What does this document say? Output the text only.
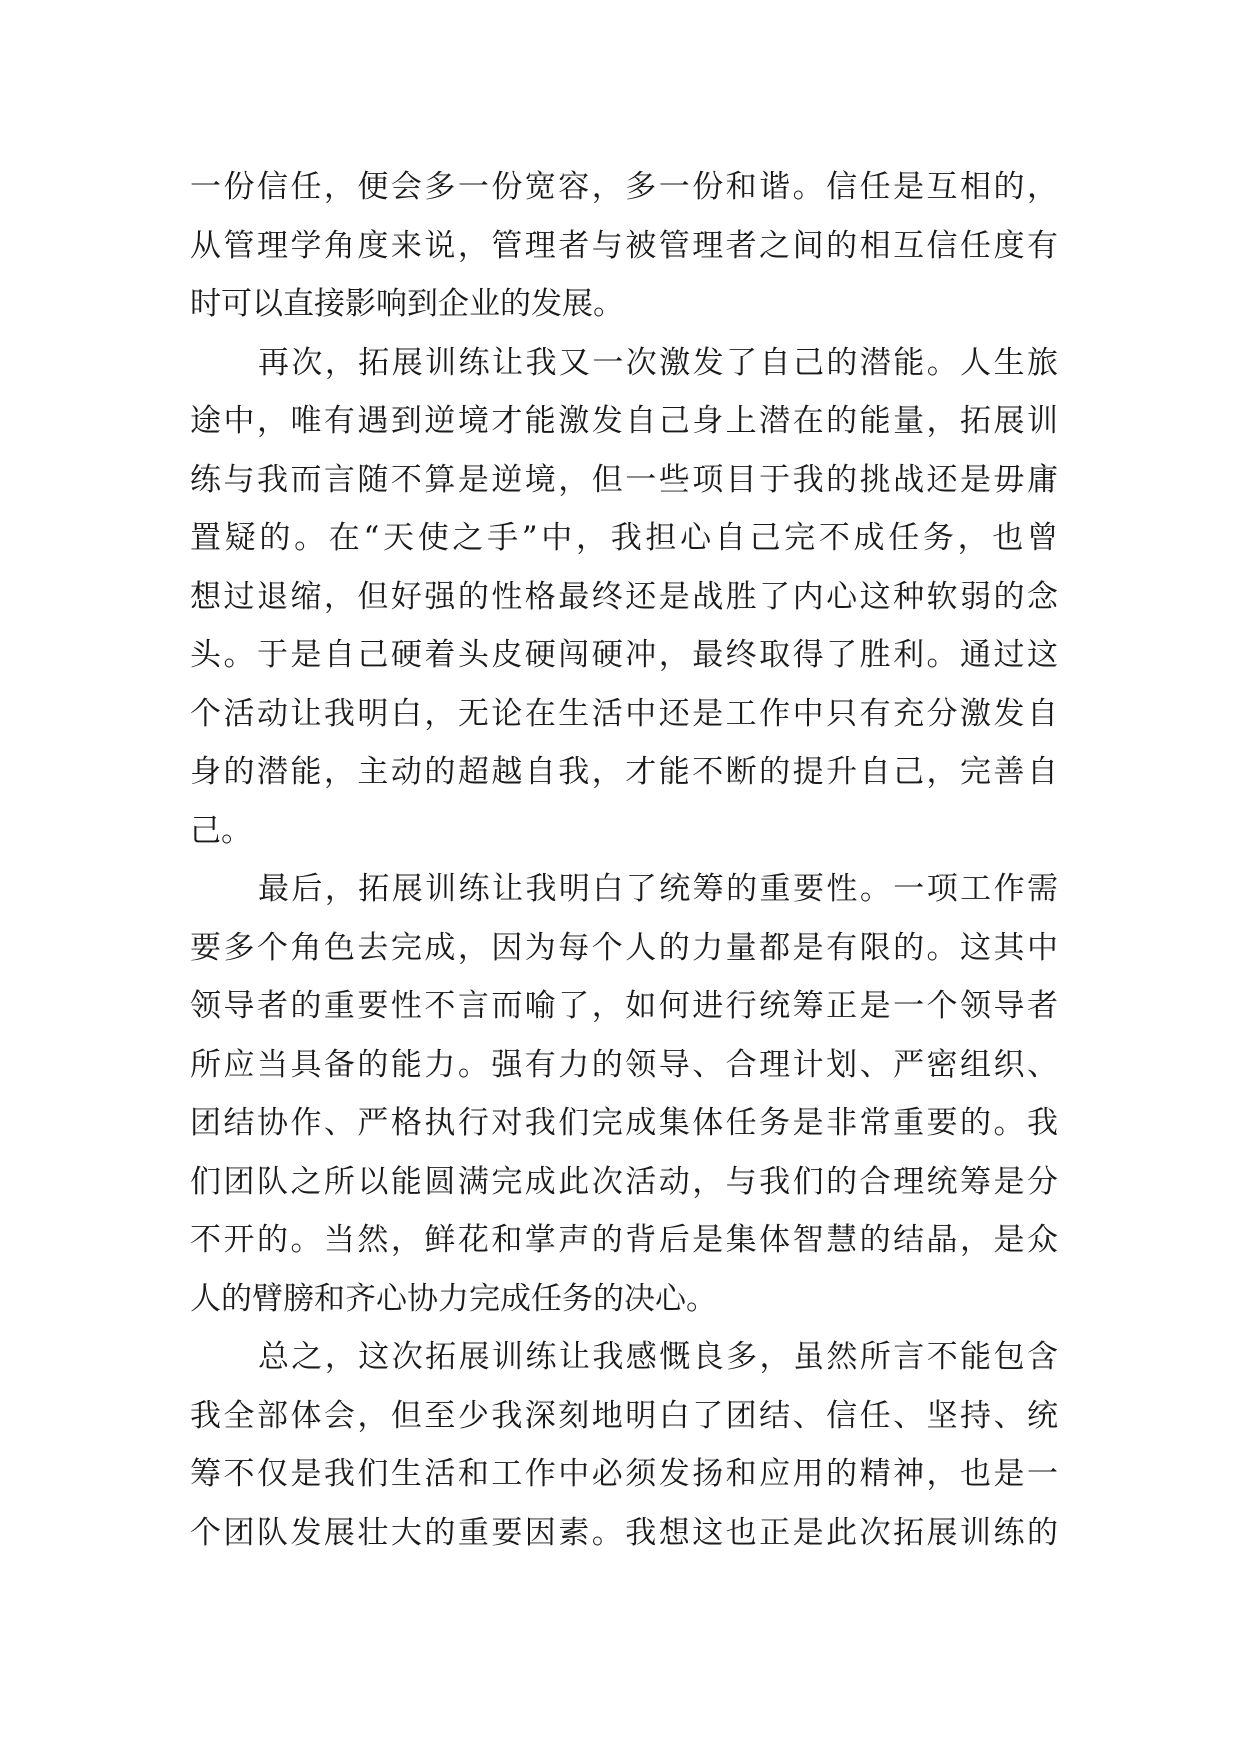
一份信任，便会多一份宽容，多一份和谐。信任是互相的，
从管理学角度来说，管理者与被管理者之间的相互信任度有
时可以直接影响到企业的发展。
再次，拓展训练让我又一次激发了自己的潜能。人生旅
途中，唯有遇到逆境才能激发自己身上潜在的能量，拓展训
练与我而言随不算是逆境，但一些项目于我的挑战还是毋庸
置疑的。在“天使之手”中，我担心自己完不成任务，也曾
想过退缩，但好强的性格最终还是战胜了内心这种软弱的念
头。于是自己硬着头皮硬闯硬冲，最终取得了胜利。通过这
个活动让我明白，无论在生活中还是工作中只有充分激发自
身的潜能，主动的超越自我，才能不断的提升自己，完善自
己。
最后，拓展训练让我明白了统筹的重要性。一项工作需
要多个角色去完成，因为每个人的力量都是有限的。这其中
领导者的重要性不言而喻了，如何进行统筹正是一个领导者
所应当具备的能力。强有力的领导、合理计划、严密组织、
团结协作、严格执行对我们完成集体任务是非常重要的。我
们团队之所以能圆满完成此次活动，与我们的合理统筹是分
不开的。当然，鲜花和掌声的背后是集体智慧的结晶，是众
人的臂膀和齐心协力完成任务的决心。
总之，这次拓展训练让我感慨良多，虽然所言不能包含
我全部体会，但至少我深刻地明白了团结、信任、坚持、统
筹不仅是我们生活和工作中必须发扬和应用的精神，也是一
个团队发展壮大的重要因素。我想这也正是此次拓展训练的
